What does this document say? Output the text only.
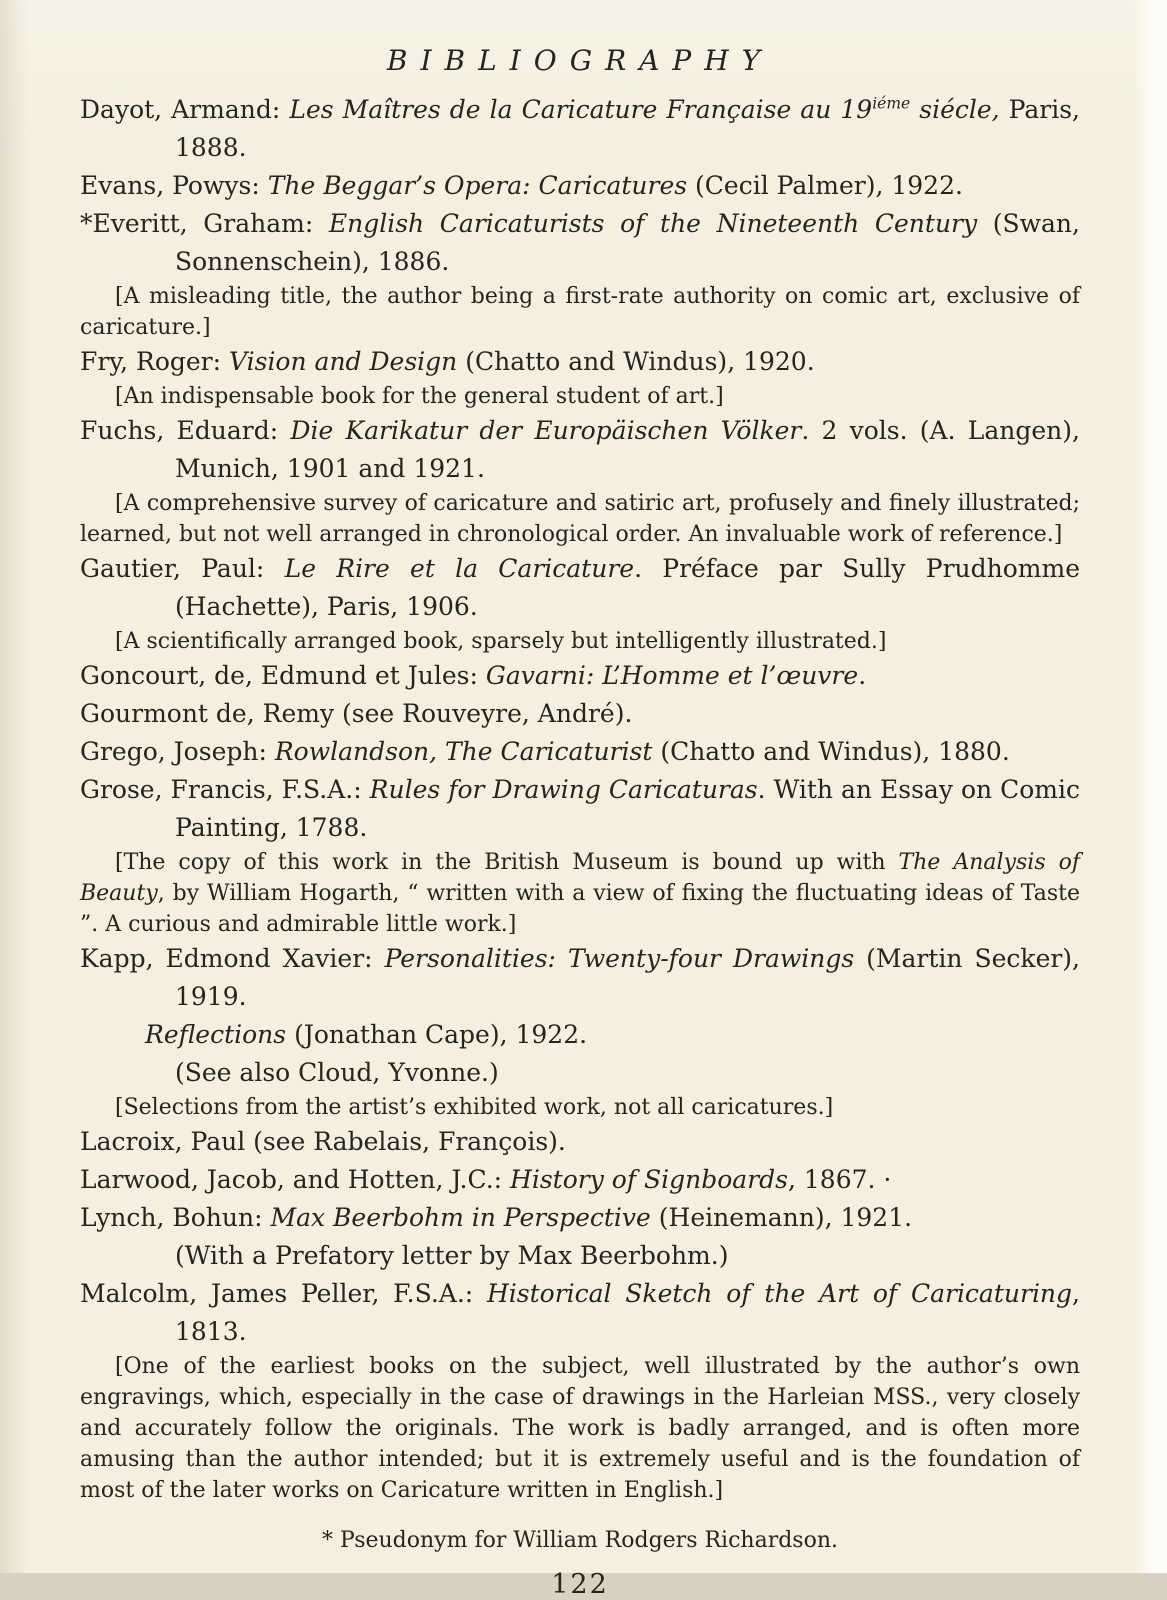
BIBLIOGRAPHY
Dayot, Armand: Les Maîtres de la Caricature Française au $19^{iéme}$ siécle, Paris, 1888.
Evans, Powys: The Beggar’s Opera: Caricatures (Cecil Palmer), 1922.
*Everitt, Graham: English Caricaturists of the Nineteenth Century (Swan, Sonnenschein), 1886.
[A misleading title, the author being a first-rate authority on comic art, exclusive of caricature.]
Fry, Roger: Vision and Design (Chatto and Windus), 1920.
[An indispensable book for the general student of art.]
Fuchs, Eduard: Die Karikatur der Europäischen Völker. 2 vols. (A. Langen), Munich, 1901 and 1921.
[A comprehensive survey of caricature and satiric art, profusely and finely illustrated; learned, but not well arranged in chronological order. An invaluable work of reference.]
Gautier, Paul: Le Rire et la Caricature. Préface par Sully Prudhomme (Hachette), Paris, 1906.
[A scientifically arranged book, sparsely but intelligently illustrated.]
Goncourt, de, Edmund et Jules: Gavarni: L’Homme et l’œuvre.
Gourmont de, Remy (see Rouveyre, André).
Grego, Joseph: Rowlandson, The Caricaturist (Chatto and Windus), 1880.
Grose, Francis, F.S.A.: Rules for Drawing Caricaturas. With an Essay on Comic Painting, 1788.
[The copy of this work in the British Museum is bound up with The Analysis of Beauty, by William Hogarth, “ written with a view of fixing the fluctuating ideas of Taste ”. A curious and admirable little work.]
Kapp, Edmond Xavier: Personalities: Twenty-four Drawings (Martin Secker), 1919.
Reflections (Jonathan Cape), 1922.
(See also Cloud, Yvonne.)
[Selections from the artist’s exhibited work, not all caricatures.]
Lacroix, Paul (see Rabelais, François).
Larwood, Jacob, and Hotten, J.C.: History of Signboards, 1867. ·
Lynch, Bohun: Max Beerbohm in Perspective (Heinemann), 1921.
(With a Prefatory letter by Max Beerbohm.)
Malcolm, James Peller, F.S.A.: Historical Sketch of the Art of Caricaturing, 1813.
[One of the earliest books on the subject, well illustrated by the author’s own engravings, which, especially in the case of drawings in the Harleian MSS., very closely and accurately follow the originals. The work is badly arranged, and is often more amusing than the author intended; but it is extremely useful and is the foundation of most of the later works on Caricature written in English.]
* Pseudonym for William Rodgers Richardson.
122
